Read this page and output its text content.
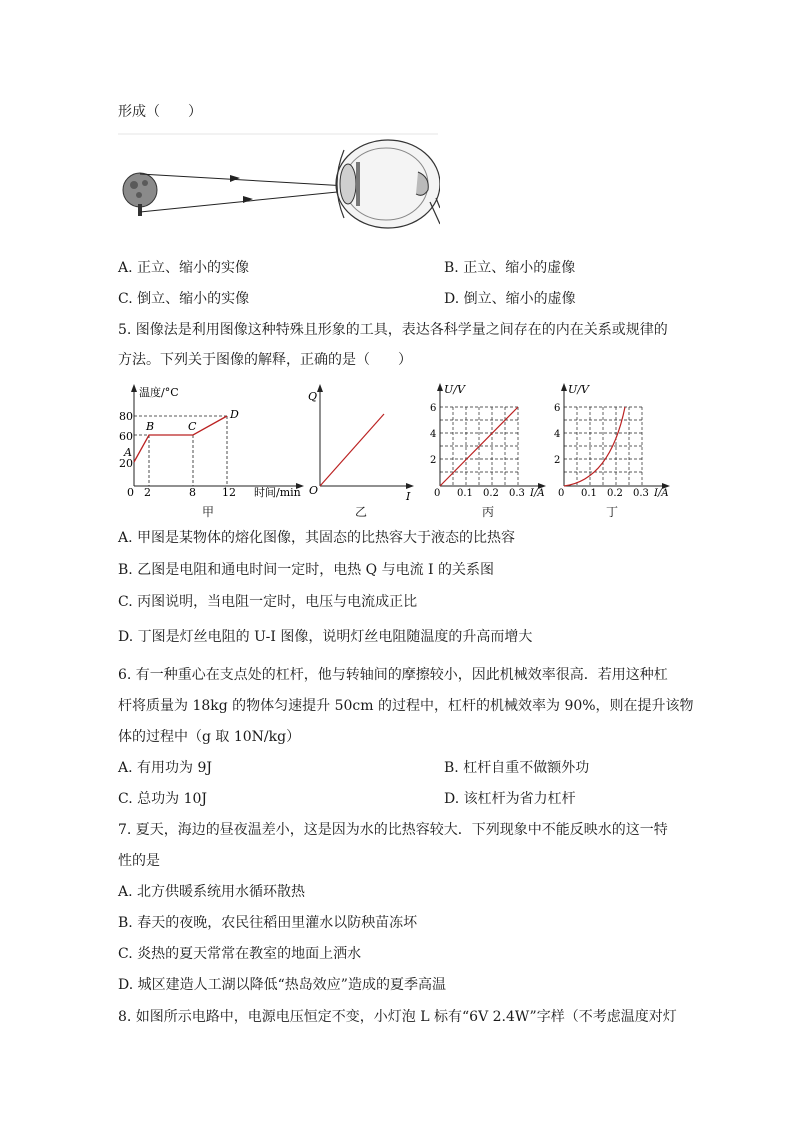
形成（　　）
A. 正立、缩小的实像	B. 正立、缩小的虚像
C. 倒立、缩小的实像	D. 倒立、缩小的虚像
5. 图像法是利用图像这种特殊且形象的工具，表达各科学量之间存在的内在关系或规律的
方法。下列关于图像的解释，正确的是（　　）
温度/°C
0
20
60
80
2	8 12 时间/min
A
B	C
D
甲
Q
O	I
乙
U/V
6
4
2
0 0.1 0.2 0.3 I/A
丙
U/V
6
4
2
0 0.1 0.2 0.3 I/A
丁
A. 甲图是某物体的熔化图像，其固态的比热容大于液态的比热容
B. 乙图是电阻和通电时间一定时，电热 Q 与电流 I 的关系图
C. 丙图说明，当电阻一定时，电压与电流成正比
D. 丁图是灯丝电阻的 U-I 图像，说明灯丝电阻随温度的升高而增大
6. 有一种重心在支点处的杠杆，他与转轴间的摩擦较小，因此机械效率很高．若用这种杠
杆将质量为 18kg 的物体匀速提升 50cm 的过程中，杠杆的机械效率为 90%，则在提升该物
体的过程中（g 取 10N/kg）
A. 有用功为 9J	B. 杠杆自重不做额外功
C. 总功为 10J	D. 该杠杆为省力杠杆
7. 夏天，海边的昼夜温差小，这是因为水的比热容较大．下列现象中不能反映水的这一特
性的是
A. 北方供暖系统用水循环散热
B. 春天的夜晚，农民往稻田里灌水以防秧苗冻坏
C. 炎热的夏天常常在教室的地面上洒水
D. 城区建造人工湖以降低“热岛效应”造成的夏季高温
8. 如图所示电路中，电源电压恒定不变，小灯泡 L 标有“6V 2.4W”字样（不考虑温度对灯
